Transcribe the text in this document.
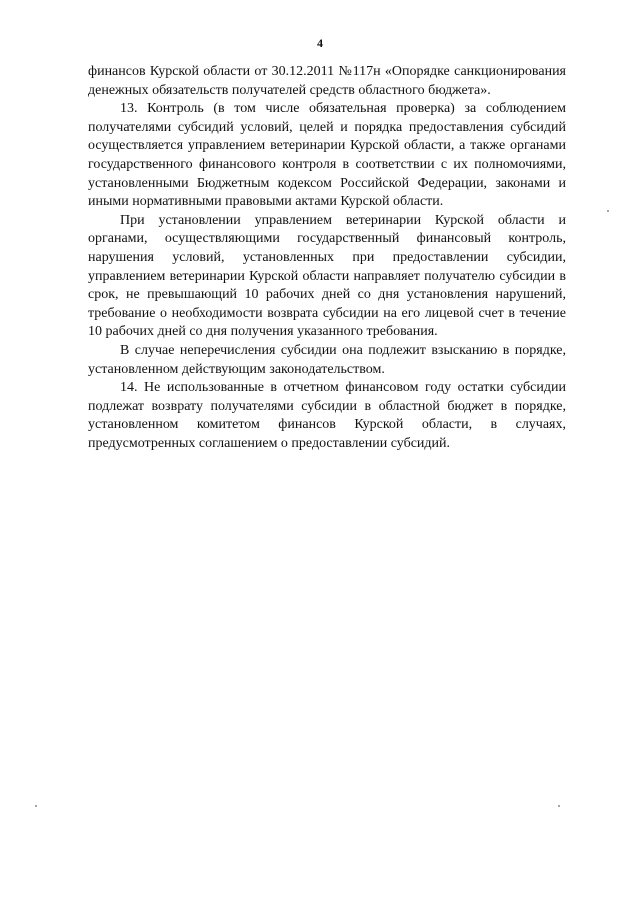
4

финансов Курской области от 30.12.2011 №117н «Опорядке санкционирования денежных обязательств получателей средств областного бюджета».

13. Контроль (в том числе обязательная проверка) за соблюдением получателями субсидий условий, целей и порядка предоставления субсидий осуществляется управлением ветеринарии Курской области, а также органами государственного финансового контроля в соответствии с их полномочиями, установленными Бюджетным кодексом Российской Федерации, законами и иными нормативными правовыми актами Курской области.

При установлении управлением ветеринарии Курской области и органами, осуществляющими государственный финансовый контроль, нарушения условий, установленных при предоставлении субсидии, управлением ветеринарии Курской области направляет получателю субсидии в срок, не превышающий 10 рабочих дней со дня установления нарушений, требование о необходимости возврата субсидии на его лицевой счет в течение 10 рабочих дней со дня получения указанного требования.

В случае неперечисления субсидии она подлежит взысканию в порядке, установленном действующим законодательством.

14. Не использованные в отчетном финансовом году остатки субсидии подлежат возврату получателями субсидии в областной бюджет в порядке, установленном комитетом финансов Курской области, в случаях, предусмотренных соглашением о предоставлении субсидий.
